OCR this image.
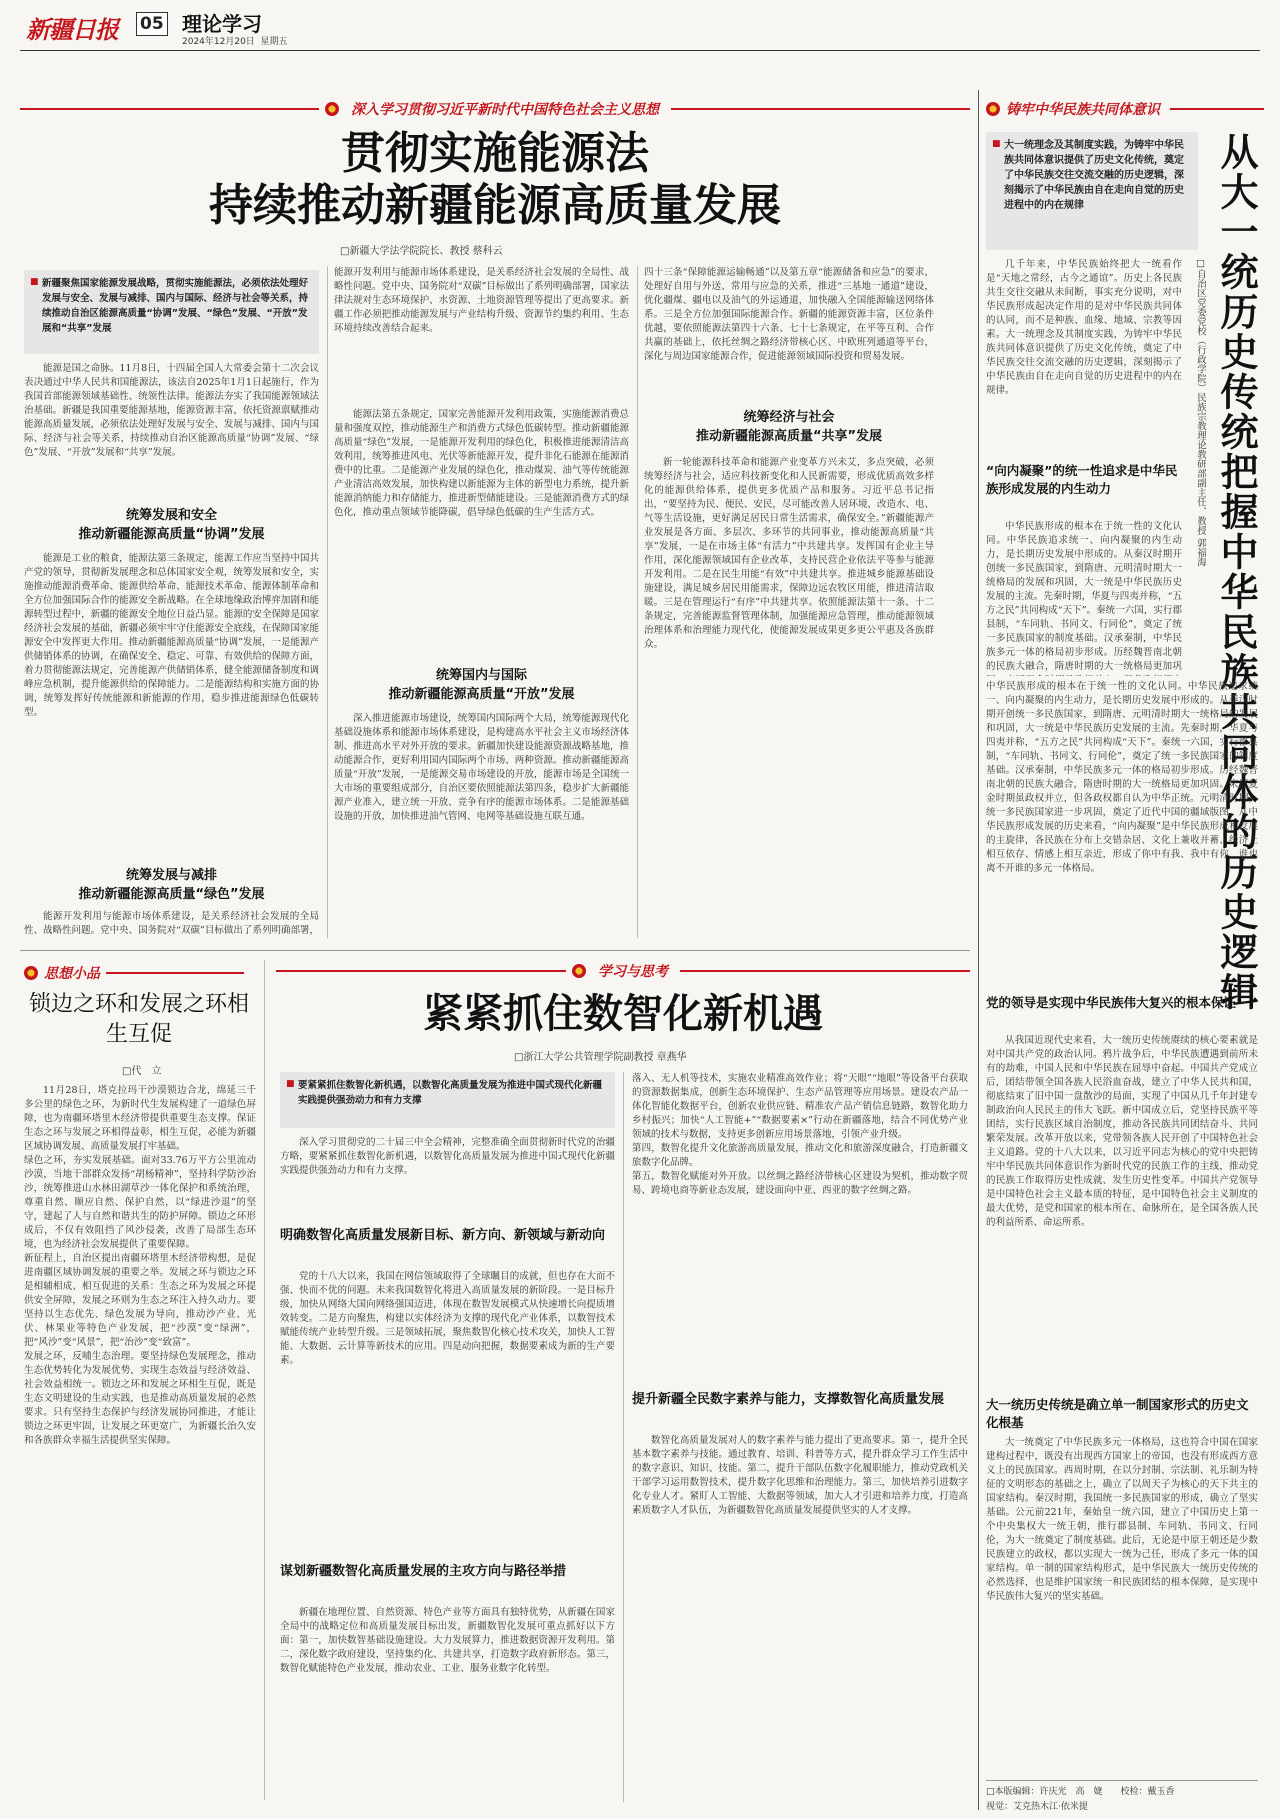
新疆日报 05 理论学习
2024年12月20日 星期五
深入学习贯彻习近平新时代中国特色社会主义思想
贯彻实施能源法
持续推动新疆能源高质量发展
□新疆大学法学院院长、教授 蔡科云
■ 新疆聚焦国家能源发展战略，贯彻实施能源法，必须依法处理好发展与安全、发展与减排、国内与国际、经济与社会等关系，持续推动自治区能源高质量“协调”发展、“绿色”发展、“开放”发展和“共享”发展
能源是国之命脉。11月8日，十四届全国人大常委会第十二次会议表决通过中华人民共和国能源法，该法自2025年1月1日起施行，作为我国首部能源领域基础性、统领性法律。能源法夯实了我国能源领域法治基础。新疆是我国重要能源基地，能源资源丰富，依托资源禀赋推动能源高质量发展，必须依法处理好发展与安全、发展与减排、国内与国际、经济与社会等关系，持续推动自治区能源高质量“协调”发展、“绿色”发展、“开放”发展和“共享”发展。
统筹发展和安全
推动新疆能源高质量“协调”发展
能源是工业的粮食，能源法第三条规定，能源工作应当坚持中国共产党的领导，贯彻新发展理念和总体国家安全观，统筹发展和安全，实施推动能源消费革命、能源供给革命、能源技术革命、能源体制革命和全方位加强国际合作的能源安全新战略。在全球地缘政治博弈加剧和能源转型过程中，新疆的能源安全地位日益凸显。能源的安全保障是国家经济社会发展的基础，新疆必须牢牢守住能源安全底线，在保障国家能源安全中发挥更大作用。推动新疆能源高质量“协调”发展，一是能源产供储销体系的协调，在确保安全、稳定、可靠、有效供给的保障方面，着力贯彻能源法规定，完善能源产供储销体系，健全能源储备制度和调峰应急机制，提升能源供给的保障能力。二是能源结构和实施方面的协调，统筹发挥好传统能源和新能源的作用，稳步推进能源绿色低碳转型。
统筹发展与减排
推动新疆能源高质量“绿色”发展
能源开发利用与能源市场体系建设，是关系经济社会发展的全局性、战略性问题。党中央、国务院对“双碳”目标做出了系列明确部署，
能源开发利用与能源市场体系建设，是关系经济社会发展的全局性、战略性问题。党中央、国务院对“双碳”目标做出了系列明确部署，国家法律法规对生态环境保护、水资源、土地资源管理等提出了更高要求。新疆工作必须把推动能源发展与产业结构升级、资源节约集约利用、生态环境持续改善结合起来。
能源法第五条规定，国家完善能源开发利用政策，实施能源消费总量和强度双控，推动能源生产和消费方式绿色低碳转型。推动新疆能源高质量“绿色”发展，一是能源开发利用的绿色化，积极推进能源清洁高效利用，统筹推进风电、光伏等新能源开发，提升非化石能源在能源消费中的比重。二是能源产业发展的绿色化，推动煤炭、油气等传统能源产业清洁高效发展，加快构建以新能源为主体的新型电力系统，提升新能源消纳能力和存储能力，推进新型储能建设。三是能源消费方式的绿色化，推动重点领域节能降碳，倡导绿色低碳的生产生活方式。
统筹国内与国际
推动新疆能源高质量“开放”发展
深入推进能源市场建设，统筹国内国际两个大局，统筹能源现代化基础设施体系和能源市场体系建设，是构建高水平社会主义市场经济体制、推进高水平对外开放的要求。新疆加快建设能源资源战略基地，推动能源合作，更好利用国内国际两个市场、两种资源。推动新疆能源高质量“开放”发展，一是能源交易市场建设的开放，能源市场是全国统一大市场的重要组成部分，自治区要依照能源法第四条，稳步扩大新疆能源产业准入，建立统一开放、竞争有序的能源市场体系。二是能源基础设施的开放，加快推进油气管网、电网等基础设施互联互通。
四十三条“保障能源运输畅通”以及第五章“能源储备和应急”的要求，处理好自用与外送、常用与应急的关系，推进“三基地一通道”建设，优化疆煤、疆电以及油气的外运通道，加快融入全国能源输送网络体系。三是全方位加强国际能源合作。新疆的能源资源丰富，区位条件优越，要依照能源法第四十六条、七十七条规定，在平等互利、合作共赢的基础上，依托丝绸之路经济带核心区、中欧班列通道等平台，深化与周边国家能源合作，促进能源领域国际投资和贸易发展。
统筹经济与社会
推动新疆能源高质量“共享”发展
新一轮能源科技革命和能源产业变革方兴未艾，多点突破，必须统筹经济与社会，适应科技新变化和人民新需要，形成优质高效多样化的能源供给体系，提供更多优质产品和服务。习近平总书记指出，“要坚持为民、便民、安民，尽可能改善人居环境，改造水、电、气等生活设施，更好满足居民日常生活需求，确保安全。”新疆能源产业发展是各方面、多层次、多环节的共同事业，推动能源高质量“共享”发展，一是在市场主体“有活力”中共建共享。发挥国有企业主导作用，深化能源领域国有企业改革，支持民营企业依法平等参与能源开发利用。二是在民生用能“有效”中共建共享。推进城乡能源基础设施建设，满足城乡居民用能需求，保障边远农牧区用能，推进清洁取暖。三是在管理运行“有序”中共建共享。依照能源法第十一条、十二条规定，完善能源监督管理体制，加强能源应急管理，推动能源领域治理体系和治理能力现代化，使能源发展成果更多更公平惠及各族群众。
思想小品
锁边之环和发展之环相生互促
□代　立
11月28日，塔克拉玛干沙漠锁边合龙，绵延三千多公里的绿色之环，为新时代生发展构建了一道绿色屏障，也为南疆环塔里木经济带提供重要生态支撑。保证生态之环与发展之环相得益彰，相生互促，必能为新疆区域协调发展、高质量发展打牢基础。
绿色之环，夯实发展基础。面对33.76万平方公里流动沙漠，当地干部群众发扬“胡杨精神”，坚持科学防沙治沙，统筹推进山水林田湖草沙一体化保护和系统治理，尊重自然、顺应自然、保护自然，以“绿进沙退”的坚守，建起了人与自然和谐共生的防护屏障。锁边之环形成后，不仅有效阻挡了风沙侵袭，改善了局部生态环境，也为经济社会发展提供了重要保障。
新征程上，自治区提出南疆环塔里木经济带构想，是促进南疆区域协调发展的重要之举。发展之环与锁边之环是相辅相成、相互促进的关系：生态之环为发展之环提供安全屏障，发展之环则为生态之环注入持久动力。要坚持以生态优先、绿色发展为导向，推动沙产业、光伏、林果业等特色产业发展，把“沙漠”变“绿洲”，把“风沙”变“风景”，把“治沙”变“致富”。
发展之环，反哺生态治理。要坚持绿色发展理念，推动生态优势转化为发展优势，实现生态效益与经济效益、社会效益相统一。锁边之环和发展之环相生互促，既是生态文明建设的生动实践，也是推动高质量发展的必然要求。只有坚持生态保护与经济发展协同推进，才能让锁边之环更牢固，让发展之环更宽广，为新疆长治久安和各族群众幸福生活提供坚实保障。
学习与思考
紧紧抓住数智化新机遇
□浙江大学公共管理学院副教授 章燕华
■ 要紧紧抓住数智化新机遇，以数智化高质量发展为推进中国式现代化新疆实践提供强劲动力和有力支撑
深入学习贯彻党的二十届三中全会精神，完整准确全面贯彻新时代党的治疆方略，要紧紧抓住数智化新机遇，以数智化高质量发展为推进中国式现代化新疆实践提供强劲动力和有力支撑。
明确数智化高质量发展新目标、新方向、新领域与新动向
党的十八大以来，我国在网信领域取得了全球瞩目的成就，但也存在大而不强、快而不优的问题。未来我国数智化将进入高质量发展的新阶段。一是目标升级，加快从网络大国向网络强国迈进，体现在数智发展模式从快速增长向提质增效转变。二是方向聚焦，构建以实体经济为支撑的现代化产业体系，以数智技术赋能传统产业转型升级。三是领域拓展，聚焦数智化核心技术攻关，加快人工智能、大数据、云计算等新技术的应用。四是动向把握，数据要素成为新的生产要素。
谋划新疆数智化高质量发展的主攻方向与路径举措
新疆在地理位置、自然资源、特色产业等方面具有独特优势，从新疆在国家全局中的战略定位和高质量发展目标出发，新疆数智化发展可重点抓好以下方面：第一，加快数智基础设施建设。大力发展算力，推进数据资源开发利用。第二，深化数字政府建设，坚持集约化、共建共享，打造数字政府新形态。第三，数智化赋能特色产业发展，推动农业、工业、服务业数字化转型。
落入、无人机等技术，实施农业精准高效作业；将“天眼”“地眼”等设备平台获取的资源数据集成，创新生态环境保护、生态产品管理等应用场景。建设农产品一体化智能化数据平台，创新农业供应链、精准农产品产销信息链路，数智化助力乡村振兴；加快“人工智能+”“数据要素×”行动在新疆落地，结合不同优势产业领域的技术与数据，支持更多创新应用场景落地，引领产业升级。
第四，数智化提升文化旅游高质量发展，推动文化和旅游深度融合，打造新疆文旅数字化品牌。
第五，数智化赋能对外开放。以丝绸之路经济带核心区建设为契机，推动数字贸易、跨境电商等新业态发展，建设面向中亚、西亚的数字丝绸之路。
提升新疆全民数字素养与能力，支撑数智化高质量发展
数智化高质量发展对人的数字素养与能力提出了更高要求。第一，提升全民基本数字素养与技能。通过教育、培训、科普等方式，提升群众学习工作生活中的数字意识、知识、技能。第二，提升干部队伍数字化履职能力，推动党政机关干部学习运用数智技术，提升数字化思维和治理能力。第三，加快培养引进数字化专业人才。紧盯人工智能、大数据等领域，加大人才引进和培养力度，打造高素质数字人才队伍，为新疆数智化高质量发展提供坚实的人才支撑。
铸牢中华民族共同体意识
■ 大一统理念及其制度实践，为铸牢中华民族共同体意识提供了历史文化传统，奠定了中华民族交往交流交融的历史逻辑，深刻揭示了中华民族由自在走向自觉的历史进程中的内在规律	从大一统历史传统把握中华民族共同体的历史逻辑
□自治区党委党校（行政学院）民族宗教理论教研部副主任、教授 郭福海
几千年来，中华民族始终把大一统看作是“天地之常经，古今之通谊”。历史上各民族共生交往交融从未间断，事实充分说明，对中华民族形成起决定作用的是对中华民族共同体的认同，而不是种族、血缘、地域、宗教等因素。大一统理念及其制度实践，为铸牢中华民族共同体意识提供了历史文化传统，奠定了中华民族交往交流交融的历史逻辑，深刻揭示了中华民族由自在走向自觉的历史进程中的内在规律。
“向内凝聚”的统一性追求是中华民族形成发展的内生动力
中华民族形成的根本在于统一性的文化认同。中华民族追求统一、向内凝聚的内生动力，是长期历史发展中形成的。从秦汉时期开创统一多民族国家，到隋唐、元明清时期大一统格局的发展和巩固，大一统是中华民族历史发展的主流。先秦时期，华夏与四夷并称，“五方之民”共同构成“天下”。秦统一六国，实行郡县制，“车同轨、书同文、行同伦”，奠定了统一多民族国家的制度基础。汉承秦制，中华民族多元一体的格局初步形成。历经魏晋南北朝的民族大融合，隋唐时期的大一统格局更加巩
中华民族形成的根本在于统一性的文化认同。中华民族追求统一、向内凝聚的内生动力，是长期历史发展中形成的。从秦汉时期开创统一多民族国家，到隋唐、元明清时期大一统格局的发展和巩固，大一统是中华民族历史发展的主流。先秦时期，华夏与四夷并称，“五方之民”共同构成“天下”。秦统一六国，实行郡县制，“车同轨、书同文、行同伦”，奠定了统一多民族国家的制度基础。汉承秦制，中华民族多元一体的格局初步形成。历经魏晋南北朝的民族大融合，隋唐时期的大一统格局更加巩固。宋辽夏金时期虽政权并立，但各政权都自认为中华正统。元明清时期，统一多民族国家进一步巩固，奠定了近代中国的疆域版图。从中华民族形成发展的历史来看，“向内凝聚”是中华民族形成和发展的主旋律，各民族在分布上交错杂居、文化上兼收并蓄、经济上相互依存、情感上相互亲近，形成了你中有我、我中有你、谁也离不开谁的多元一体格局。
党的领导是实现中华民族伟大复兴的根本保证
从我国近现代史来看，大一统历史传统赓续的核心要素就是对中国共产党的政治认同。鸦片战争后，中华民族遭遇到前所未有的劫难，中国人民和中华民族在屈辱中奋起。中国共产党成立后，团结带领全国各族人民浴血奋战，建立了中华人民共和国，彻底结束了旧中国一盘散沙的局面，实现了中国从几千年封建专制政治向人民民主的伟大飞跃。新中国成立后，党坚持民族平等团结，实行民族区域自治制度，推动各民族共同团结奋斗、共同繁荣发展。改革开放以来，党带领各族人民开创了中国特色社会主义道路。党的十八大以来，以习近平同志为核心的党中央把铸牢中华民族共同体意识作为新时代党的民族工作的主线，推动党的民族工作取得历史性成就、发生历史性变革。中国共产党领导是中国特色社会主义最本质的特征，是中国特色社会主义制度的最大优势，是党和国家的根本所在、命脉所在，是全国各族人民的利益所系、命运所系。
大一统历史传统是确立单一制国家形式的历史文化根基
大一统奠定了中华民族多元一体格局，这也符合中国在国家建构过程中，既没有出现西方国家上的帝国，也没有形成西方意义上的民族国家。西周时期，在以分封制、宗法制、礼乐制为特征的文明形态的基础之上，确立了以周天子为核心的天下共主的国家结构。秦汉时期，我国统一多民族国家的形成，确立了坚实基础。公元前221年，秦始皇一统六国，建立了中国历史上第一个中央集权大一统王朝，推行郡县制、车同轨、书同文、行同伦，为大一统奠定了制度基础。此后，无论是中原王朝还是少数民族建立的政权，都以实现大一统为己任，形成了多元一体的国家结构。单一制的国家结构形式，是中华民族大一统历史传统的必然选择，也是维护国家统一和民族团结的根本保障，是实现中华民族伟大复兴的坚实基础。
□本版编辑：许庆光　高　婕　　校检：戴玉香
视觉：艾克热木江·依米提
